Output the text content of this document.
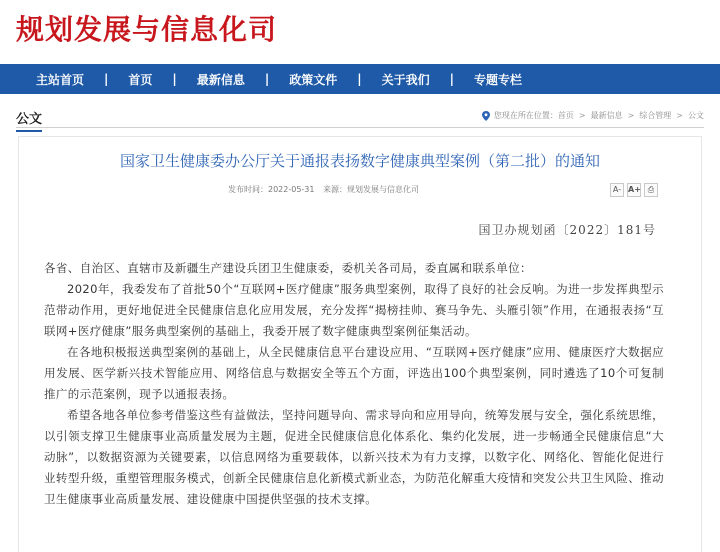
规划发展与信息化司
主站首页 | 首页 | 最新信息 | 政策文件 | 关于我们 | 专题专栏
公文	您现在所在位置： 首页 > 最新信息 > 综合管理 > 公文
国家卫生健康委办公厅关于通报表扬数字健康典型案例（第二批）的通知
发布时间：2022-05-31 来源：规划发展与信息化司	A- A+ ⎙
国卫办规划函〔2022〕181号

各省、自治区、直辖市及新疆生产建设兵团卫生健康委，委机关各司局，委直属和联系单位：

2020年，我委发布了首批50个“互联网+医疗健康”服务典型案例，取得了良好的社会反响。为进一步发挥典型示范带动作用，更好地促进全民健康信息化应用发展，充分发挥“揭榜挂帅、赛马争先、头雁引领”作用，在通报表扬“互联网+医疗健康”服务典型案例的基础上，我委开展了数字健康典型案例征集活动。

在各地积极报送典型案例的基础上，从全民健康信息平台建设应用、“互联网+医疗健康”应用、健康医疗大数据应用发展、医学新兴技术智能应用、网络信息与数据安全等五个方面，评选出100个典型案例，同时遴选了10个可复制推广的示范案例，现予以通报表扬。

希望各地各单位参考借鉴这些有益做法，坚持问题导向、需求导向和应用导向，统筹发展与安全，强化系统思维，以引领支撑卫生健康事业高质量发展为主题，促进全民健康信息化体系化、集约化发展，进一步畅通全民健康信息“大动脉”，以数据资源为关键要素，以信息网络为重要载体，以新兴技术为有力支撑，以数字化、网络化、智能化促进行业转型升级，重塑管理服务模式，创新全民健康信息化新模式新业态，为防范化解重大疫情和突发公共卫生风险、推动卫生健康事业高质量发展、建设健康中国提供坚强的技术支撑。
